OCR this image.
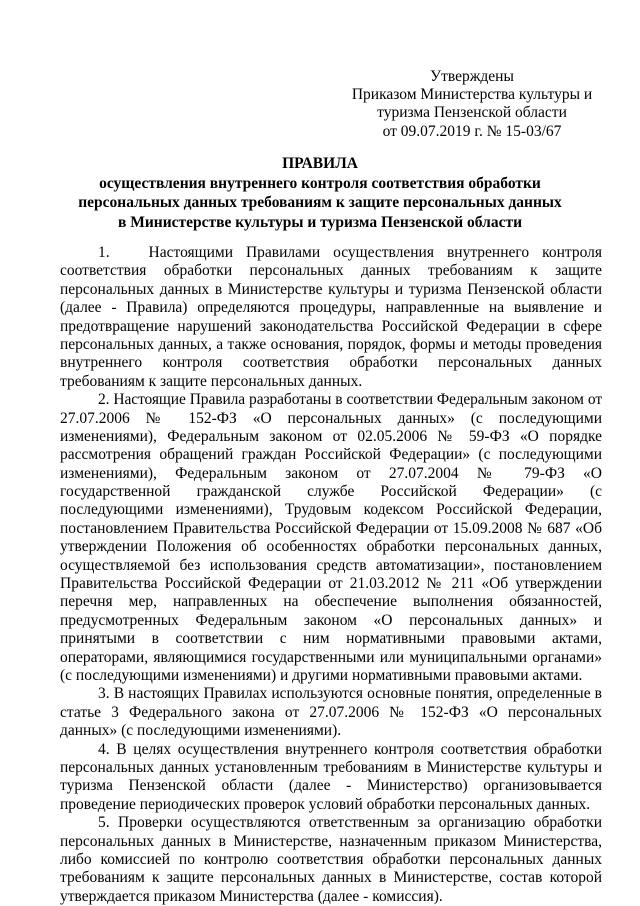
Утверждены
Приказом Министерства культуры и
туризма Пензенской области
от 09.07.2019 г. № 15-03/67
ПРАВИЛА
осуществления внутреннего контроля соответствия обработки
персональных данных требованиям к защите персональных данных
в Министерстве культуры и туризма Пензенской области
1.   Настоящими Правилами осуществления внутреннего контроля
соответствия обработки персональных данных требованиям к защите
персональных данных в Министерстве культуры и туризма Пензенской области
(далее - Правила) определяются процедуры, направленные на выявление и
предотвращение нарушений законодательства Российской Федерации в сфере
персональных данных, а также основания, порядок, формы и методы проведения
внутреннего контроля соответствия обработки персональных данных
требованиям к защите персональных данных.
2. Настоящие Правила разработаны в соответствии Федеральным законом от
27.07.2006 № 152-ФЗ «О персональных данных» (с последующими
изменениями), Федеральным законом от 02.05.2006 № 59-ФЗ «О порядке
рассмотрения обращений граждан Российской Федерации» (с последующими
изменениями), Федеральным законом от 27.07.2004 № 79-ФЗ «О
государственной гражданской службе Российской Федерации» (с
последующими изменениями), Трудовым кодексом Российской Федерации,
постановлением Правительства Российской Федерации от 15.09.2008 № 687 «Об
утверждении Положения об особенностях обработки персональных данных,
осуществляемой без использования средств автоматизации», постановлением
Правительства Российской Федерации от 21.03.2012 № 211 «Об утверждении
перечня мер, направленных на обеспечение выполнения обязанностей,
предусмотренных Федеральным законом «О персональных данных» и
принятыми в соответствии с ним нормативными правовыми актами,
операторами, являющимися государственными или муниципальными органами»
(с последующими изменениями) и другими нормативными правовыми актами.
3. В настоящих Правилах используются основные понятия, определенные в
статье 3 Федерального закона от 27.07.2006 № 152-ФЗ «О персональных
данных» (с последующими изменениями).
4. В целях осуществления внутреннего контроля соответствия обработки
персональных данных установленным требованиям в Министерстве культуры и
туризма Пензенской области (далее - Министерство) организовывается
проведение периодических проверок условий обработки персональных данных.
5. Проверки осуществляются ответственным за организацию обработки
персональных данных в Министерстве, назначенным приказом Министерства,
либо комиссией по контролю соответствия обработки персональных данных
требованиям к защите персональных данных в Министерстве, состав которой
утверждается приказом Министерства (далее - комиссия).
